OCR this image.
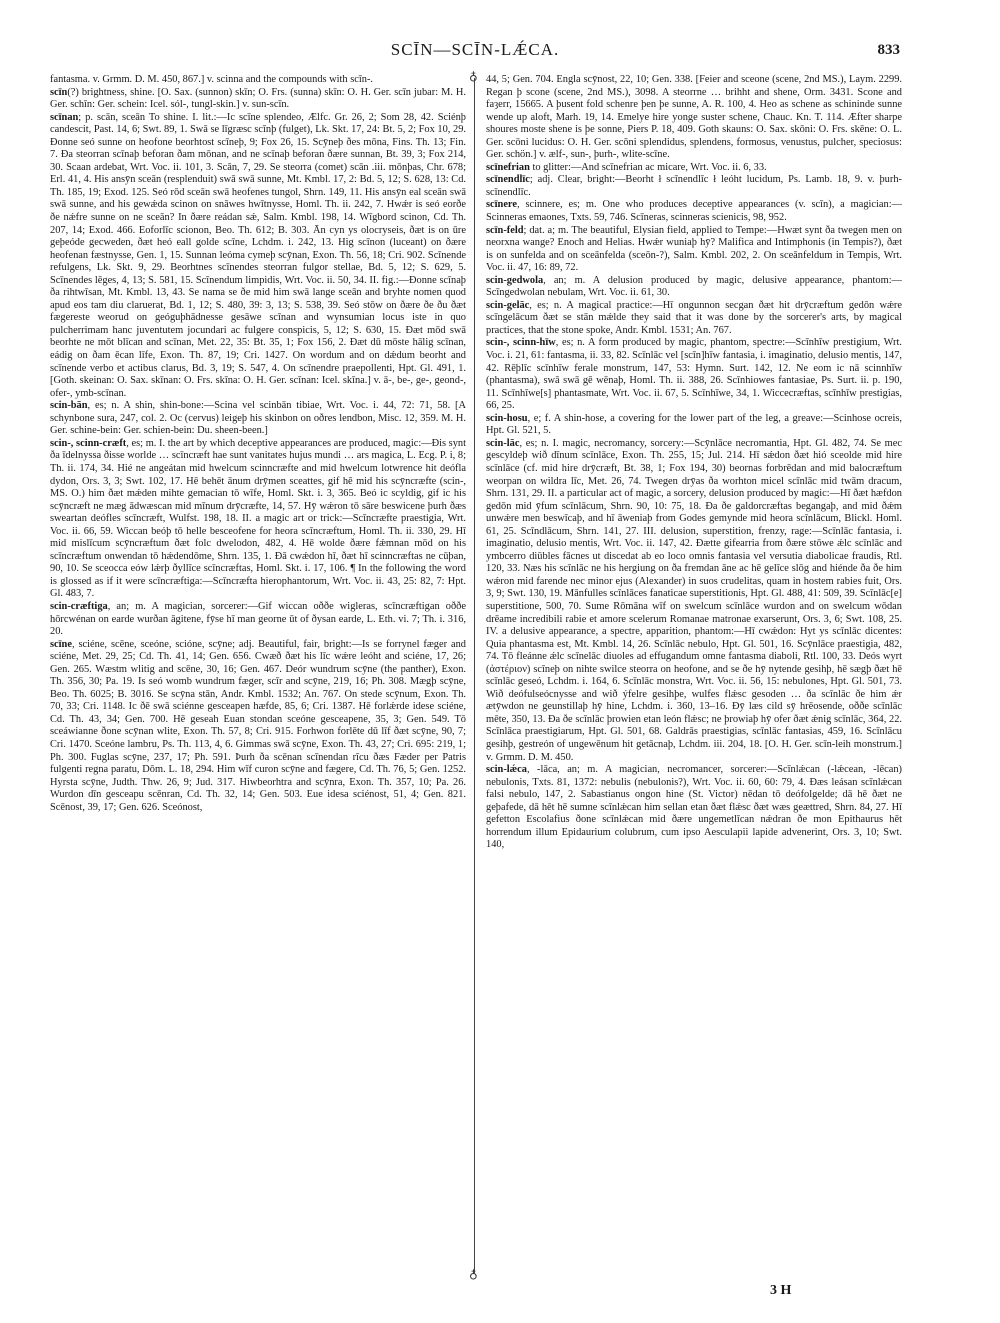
SCĪN—SCĪN-LǼCA.	833
♁
♁

fantasma. v. Grmm. D. M. 450, 867.] v. scinna and the compounds with scīn-.

scīn(?) brightness, shine. [O. Sax. (sunnon) skīn; O. Frs. (sunna) skīn: O. H. Ger. scīn jubar: M. H. Ger. schīn: Ger. schein: Icel. sól-, tungl-skin.] v. sun-scīn.

scīnan; p. scān, sceān To shine. I. lit.:—Ic scīne splendeo, Ælfc. Gr. 26, 2; Som 28, 42. Sciénþ candescit, Past. 14, 6; Swt. 89, 1. Swā se līgræsc scīnþ (fulget), Lk. Skt. 17, 24: Bt. 5, 2; Fox 10, 29. Ðonne seó sunne on heofone beorhtost scīneþ, 9; Fox 26, 15. Scȳneþ ðes mōna, Fins. Th. 13; Fin. 7. Ða steorran scīnaþ beforan ðam mōnan, and ne scīnaþ beforan ðære sunnan, Bt. 39, 3; Fox 214, 30. Scaan ardebat, Wrt. Voc. ii. 101, 3. Scān, 7, 29. Se steorra (comet) scān .iii. mōnþas, Chr. 678; Erl. 41, 4. His ansȳn sceān (resplenduit) swā swā sunne, Mt. Kmbl. 17, 2: Bd. 5, 12; S. 628, 13: Cd. Th. 185, 19; Exod. 125. Seó rōd sceān swā heofenes tungol, Shrn. 149, 11. His ansȳn eal sceān swā swā sunne, and his gewǽda scinon on snāwes hwītnysse, Homl. Th. ii. 242, 7. Hwǽr is seó eorðe ðe nǽfre sunne on ne sceān? In ðære reádan sǽ, Salm. Kmbl. 198, 14. Wīgbord scinon, Cd. Th. 207, 14; Exod. 466. Eoforlīc scionon, Beo. Th. 612; B. 303. Ān cyn ys olocryseis, ðæt is on ūre geþeóde gecweden, ðæt heó eall golde scīne, Lchdm. i. 242, 13. Hig scīnon (luceant) on ðære heofenan fæstnysse, Gen. 1, 15. Sunnan leóma cymeþ scȳnan, Exon. Th. 56, 18; Cri. 902. Scīnende refulgens, Lk. Skt. 9, 29. Beorhtnes scīnendes steorran fulgor stellae, Bd. 5, 12; S. 629, 5. Scīnendes lēges, 4, 13; S. 581, 15. Scīnendum limpidis, Wrt. Voc. ii. 50, 34. II. fig.:—Ðonne scīnaþ ða rihtwīsan, Mt. Kmbl. 13, 43. Se nama se ðe mid him swā lange sceān and bryhte nomen quod apud eos tam diu claruerat, Bd. 1, 12; S. 480, 39: 3, 13; S. 538, 39. Seó stōw on ðære ðe ðu ðæt fægereste weorud on geóguþhādnesse gesāwe scīnan and wynsumian locus iste in quo pulcherrimam hanc juventutem jocundari ac fulgere conspicis, 5, 12; S. 630, 15. Ðæt mōd swā beorhte ne mōt blīcan and scīnan, Met. 22, 35: Bt. 35, 1; Fox 156, 2. Ðæt dū mōste hālig scīnan, eádig on ðam ēcan līfe, Exon. Th. 87, 19; Cri. 1427. On wordum and on dǽdum beorht and scīnende verbo et actibus clarus, Bd. 3, 19; S. 547, 4. On scīnendre praepollenti, Hpt. Gl. 491, 1. [Goth. skeinan: O. Sax. skīnan: O. Frs. skīna: O. H. Ger. scīnan: Icel. skīna.] v. ā-, be-, ge-, geond-, ofer-, ymb-scīnan.

scin-bān, es; n. A shin, shin-bone:—Scina vel scinbān tibiae, Wrt. Voc. i. 44, 72: 71, 58. [A schynbone sura, 247, col. 2. Oc (cervus) leigeþ his skinbon on oðres lendbon, Misc. 12, 359. M. H. Ger. schine-bein: Ger. schien-bein: Du. sheen-been.]

scin-, scinn-cræft, es; m. I. the art by which deceptive appearances are produced, magic:—Ðis synt ða īdelnyssa ðisse worlde … scīncræft hae sunt vanitates hujus mundi … ars magica, L. Ecg. P. i, 8; Th. ii. 174, 34. Hié ne angeátan mid hwelcum scinncræfte and mid hwelcum lotwrence hit deófla dydon, Ors. 3, 3; Swt. 102, 17. Hē behēt ānum drȳmen sceattes, gif hē mid his scȳncræfte (scin-, MS. O.) him ðæt mǽden mihte gemacian tō wīfe, Homl. Skt. i. 3, 365. Beó ic scyldig, gif ic his scȳncræft ne mæg ādwæscan mid mīnum drȳcræfte, 14, 57. Hȳ wǽron tō sāre beswicene þurh ðæs sweartan deófles scīncræft, Wulfst. 198, 18. II. a magic art or trick:—Scīncræfte praestigia, Wrt. Voc. ii. 66, 59. Wiccan beóþ tō helle besceofene for heora scīncræftum, Homl. Th. ii. 330, 29. Hī mid mislīcum scȳncræftum ðæt folc dwelodon, 482, 4. Hē wolde ðære fǽmnan mōd on his scīncræftum onwendan tō hǽdendōme, Shrn. 135, 1. Ðā cwǽdon hī, ðæt hī scinncræftas ne cūþan, 90, 10. Se sceocca eów lǽrþ ðyllīce scīncræftas, Homl. Skt. i. 17, 106. ¶ In the following the word is glossed as if it were scīncræftiga:—Scīncræfta hierophantorum, Wrt. Voc. ii. 43, 25: 82, 7: Hpt. Gl. 483, 7.

scin-cræftiga, an; m. A magician, sorcerer:—Gif wiccan oððe wigleras, scīncræftigan oððe hōrcwénan on earde wurðan āgitene, fȳse hī man geornе ūt of ðysan earde, L. Eth. vi. 7; Th. i. 316, 20.

scīne, sciéne, scēne, sceóne, scióne, scȳne; adj. Beautiful, fair, bright:—Is se forrynel fæger and sciéne, Met. 29, 25; Cd. Th. 41, 14; Gen. 656. Cwæð ðæt his līc wǽre leóht and sciéne, 17, 26; Gen. 265. Wæstm wlitig and scēne, 30, 16; Gen. 467. Deór wundrum scȳne (the panther), Exon. Th. 356, 30; Pa. 19. Is seó womb wundrum fæger, scīr and scȳne, 219, 16; Ph. 308. Mægþ scȳne, Beo. Th. 6025; B. 3016. Se scȳna stān, Andr. Kmbl. 1532; An. 767. On stede scȳnum, Exon. Th. 70, 33; Cri. 1148. Ic ðē swā sciénne gesceapen hæfde, 85, 6; Cri. 1387. Hē forlǽrde idese sciéne, Cd. Th. 43, 34; Gen. 700. Hē geseah Euan stondan sceóne gesceapene, 35, 3; Gen. 549. Tō sceáwianne ðone scȳnan wlite, Exon. Th. 57, 8; Cri. 915. Forhwon forlēte dū līf ðæt scȳne, 90, 7; Cri. 1470. Sceóne lambru, Ps. Th. 113, 4, 6. Gimmas swā scȳne, Exon. Th. 43, 27; Cri. 695: 219, 1; Ph. 300. Fuglas scȳne, 237, 17; Ph. 591. Þurh ða scēnan scīnendan rīcu ðæs Fæder per Patris fulgenti regna paratu, Dōm. L. 18, 294. Him wīf curon scȳne and fægere, Cd. Th. 76, 5; Gen. 1252. Hyrsta scȳne, Judth. Thw. 26, 9; Jud. 317. Hiwbeorhtra and scȳnra, Exon. Th. 357, 10; Pa. 26. Wurdon dīn gesceapu scēnran, Cd. Th. 32, 14; Gen. 503. Eue idesa sciénost, 51, 4; Gen. 821. Scēnost, 39, 17; Gen. 626. Sceónost,

44, 5; Gen. 704. Engla scȳnost, 22, 10; Gen. 338. [Feier and sceone (scene, 2nd MS.), Laym. 2299. Regan þ scone (scene, 2nd MS.), 3098. A steorrne … brihht and shene, Orm. 3431. Scone and faȝerr, 15665. A þusent fold schenre þen þe sunne, A. R. 100, 4. Heo as schene as schininde sunne wende up aloft, Marh. 19, 14. Emelye hire yonge suster schene, Chauc. Kn. T. 114. Æfter sharpe shoures moste shene is þe sonne, Piers P. 18, 409. Goth skauns: O. Sax. skōni: O. Frs. skēne: O. L. Ger. scōni lucidus: O. H. Ger. scōni splendidus, splendens, formosus, venustus, pulcher, speciosus: Ger. schön.] v. ælf-, sun-, þurh-, wlite-scīne.

scīnefrian to glitter:—And scīnefrian ac micare, Wrt. Voc. ii. 6, 33.

scīnendlīc; adj. Clear, bright:—Beorht ł scīnendlīc ł leóht lucidum, Ps. Lamb. 18, 9. v. þurh-scīnendlīc.

scīnere, scinnere, es; m. One who produces deceptive appearances (v. scīn), a magician:—Scinneras emaones, Txts. 59, 746. Scīneras, scinneras scienicis, 98, 952.

scīn-feld; dat. a; m. The beautiful, Elysian field, applied to Tempe:—Hwæt synt ða twegen men on neorxna wange? Enoch and Helias. Hwǽr wuniaþ hȳ? Malifica and Intimphonis (in Tempis?), ðæt is on sunfelda and on sceānfelda (sceōn-?), Salm. Kmbl. 202, 2. On sceānfeldum in Tempis, Wrt. Voc. ii. 47, 16: 89, 72.

scin-gedwola, an; m. A delusion produced by magic, delusive appearance, phantom:—Scīngedwolan nebulam, Wrt. Voc. ii. 61, 30.

scin-gelāc, es; n. A magical practice:—Hī ongunnon secgan ðæt hit drȳcræftum gedōn wǽre scīngelācum ðæt se stān mǽlde they said that it was done by the sorcerer's arts, by magical practices, that the stone spoke, Andr. Kmbl. 1531; An. 767.

scin-, scinn-hīw, es; n. A form produced by magic, phantom, spectre:—Scīnhīw prestigium, Wrt. Voc. i. 21, 61: fantasma, ii. 33, 82. Scīnlāc vel [scīn]hīw fantasia, i. imaginatio, delusio mentis, 147, 42. Rēþlīc scīnhīw ferale monstrum, 147, 53: Hymn. Surt. 142, 12. Ne eom ic nā scinnhīw (phantasma), swā swā gē wēnaþ, Homl. Th. ii. 388, 26. Scīnhiowes fantasiae, Ps. Surt. ii. p. 190, 11. Scīnhīwe[s] phantasmate, Wrt. Voc. ii. 67, 5. Scīnhīwe, 34, 1. Wiccecræftas, scīnhīw prestigias, 66, 25.

scin-hosu, e; f. A shin-hose, a covering for the lower part of the leg, a greave:—Scinhose ocreis, Hpt. Gl. 521, 5.

scin-lāc, es; n. I. magic, necromancy, sorcery:—Scȳnlāce necromantia, Hpt. Gl. 482, 74. Se mec gescyldeþ wið dīnum scīnlāce, Exon. Th. 255, 15; Jul. 214. Hī sǽdon ðæt hió sceolde mid hire scīnlāce (cf. mid hire drȳcræft, Bt. 38, 1; Fox 194, 30) beornas forbrēdan and mid balocræftum weorpan on wildra līc, Met. 26, 74. Twegen drȳas ða worhton micel scīnlāc mid twām dracum, Shrn. 131, 29. II. a particular act of magic, a sorcery, delusion produced by magic:—Hī ðæt hæfdon gedōn mid ȳfum scīnlācum, Shrn. 90, 10: 75, 18. Ða ðe galdorcræftas begangaþ, and mid ðǽm unwǽre men beswīcaþ, and hī āweniaþ from Godes gemynde mid heora scīnlācum, Blickl. Homl. 61, 25. Scīndlācum, Shrn. 141, 27. III. delusion, superstition, frenzy, rage:—Scīnlāc fantasia, i. imaginatio, delusio mentis, Wrt. Voc. ii. 147, 42. Ðætte gifearria from ðære stōwe ǽlc scīnlāc and ymbcerro diūbles fācnes ut discedat ab eo loco omnis fantasia vel versutia diabolicae fraudis, Rtl. 120, 33. Næs his scīnlāc ne his hergiung on ða fremdan āne ac hē gelīce slōg and hiénde ða ðe him wǽron mid farende nec minor ejus (Alexander) in suos crudelitas, quam in hostem rabies fuit, Ors. 3, 9; Swt. 130, 19. Mānfulles scīnlāces fanaticae superstitionis, Hpt. Gl. 488, 41: 509, 39. Scīnlāc[e] superstitione, 500, 70. Sume Rōmāna wīf on swelcum scīnlāce wurdon and on swelcum wōdan drēame incredibili rabie et amore scelerum Romanae matronae exarserunt, Ors. 3, 6; Swt. 108, 25. IV. a delusive appearance, a spectre, apparition, phantom:—Hī cwǽdon: Hyt ys scīnlāc dicentes: Quia phantasma est, Mt. Kmbl. 14, 26. Scīnlāc nebulo, Hpt. Gl. 501, 16. Scȳnlāce praestigia, 482, 74. Tō fleánne ǽlc scīnelāc diuoles ad effugandum omne fantasma diaboli, Rtl. 100, 33. Deós wyrt (ἀστέριον) scīneþ on nihte swilce steorra on heofone, and se ðe hȳ nytende gesihþ, hē sægþ ðæt hē scīnlāc geseó, Lchdm. i. 164, 6. Scīnlāc monstra, Wrt. Voc. ii. 56, 15: nebulones, Hpt. Gl. 501, 73. Wið deófulseócnysse and wið ýfelre gesihþe, wulfes flǽsc gesoden … ða scīnlāc ðe him ǽr ætȳwdon ne geunstillaþ hȳ hine, Lchdm. i. 360, 13–16. Ðȳ læs cild sȳ hrēosende, oððe scīnlāc mēte, 350, 13. Ða ðe scīnlāc þrowien etan león flǽsc; ne þrowiaþ hȳ ofer ðæt ǽnig scīnlāc, 364, 22. Scīnlāca praestigiarum, Hpt. Gl. 501, 68. Galdrās praestigias, scīnlāc fantasias, 459, 16. Scīnlācu gesihþ, gestreón of ungewēnum hit getācnaþ, Lchdm. iii. 204, 18. [O. H. Ger. scīn-leih monstrum.] v. Grmm. D. M. 450.

scin-lǽca, -lāca, an; m. A magician, necromancer, sorcerer:—Scīnlǽcan (-lǽcean, -lēcan) nebulonis, Txts. 81, 1372: nebulis (nebulonis?), Wrt. Voc. ii. 60, 60: 79, 4. Ðæs leásan scīnlǽcan falsi nebulo, 147, 2. Sabastianus ongon hine (St. Victor) nēdan tō deófolgelde; dā hē ðæt ne geþafede, dā hēt hē sumne scīnlǽcan him sellan etan ðæt flǽsc ðæt wæs geættred, Shrn. 84, 27. Hī gefetton Escolafius ðone scīnlǽcan mid ðære ungemetlīcan nǽdran ðe mon Epithaurus hēt horrendum illum Epidaurium colubrum, cum ipso Aesculapii lapide advenerint, Ors. 3, 10; Swt. 140,

3 H
